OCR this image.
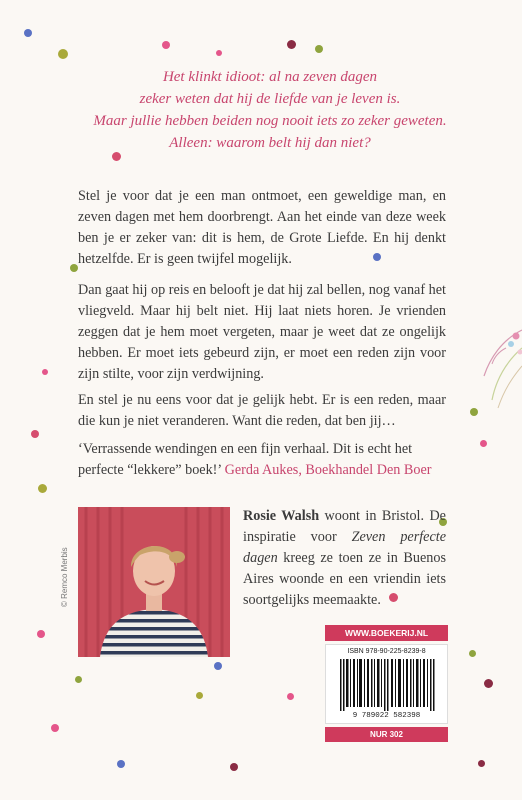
Het klinkt idioot: al na zeven dagen
zeker weten dat hij de liefde van je leven is.
Maar jullie hebben beiden nog nooit iets zo zeker geweten.
Alleen: waarom belt hij dan niet?

Stel je voor dat je een man ontmoet, een geweldige man, en zeven dagen met hem doorbrengt. Aan het einde van deze week ben je er zeker van: dit is hem, de Grote Liefde. En hij denkt hetzelfde. Er is geen twijfel mogelijk.

Dan gaat hij op reis en belooft je dat hij zal bellen, nog vanaf het vliegveld. Maar hij belt niet. Hij laat niets horen. Je vrienden zeggen dat je hem moet vergeten, maar je weet dat ze ongelijk hebben. Er moet iets gebeurd zijn, er moet een reden zijn voor zijn stilte, voor zijn verdwijning.

En stel je nu eens voor dat je gelijk hebt. Er is een reden, maar die kun je niet veranderen. Want die reden, dat ben jij…

‘Verrassende wendingen en een fijn verhaal. Dit is echt het perfecte “lekkere” boek!’ Gerda Aukes, Boekhandel Den Boer
© Remco Merbis
Rosie Walsh woont in Bristol. De inspiratie voor Zeven perfecte dagen kreeg ze toen ze in Buenos Aires woonde en een vriendin iets soortgelijks meemaakte.
WWW.BOEKERIJ.NL
ISBN 978-90-225-8239-8
9 789022 582398
NUR 302
